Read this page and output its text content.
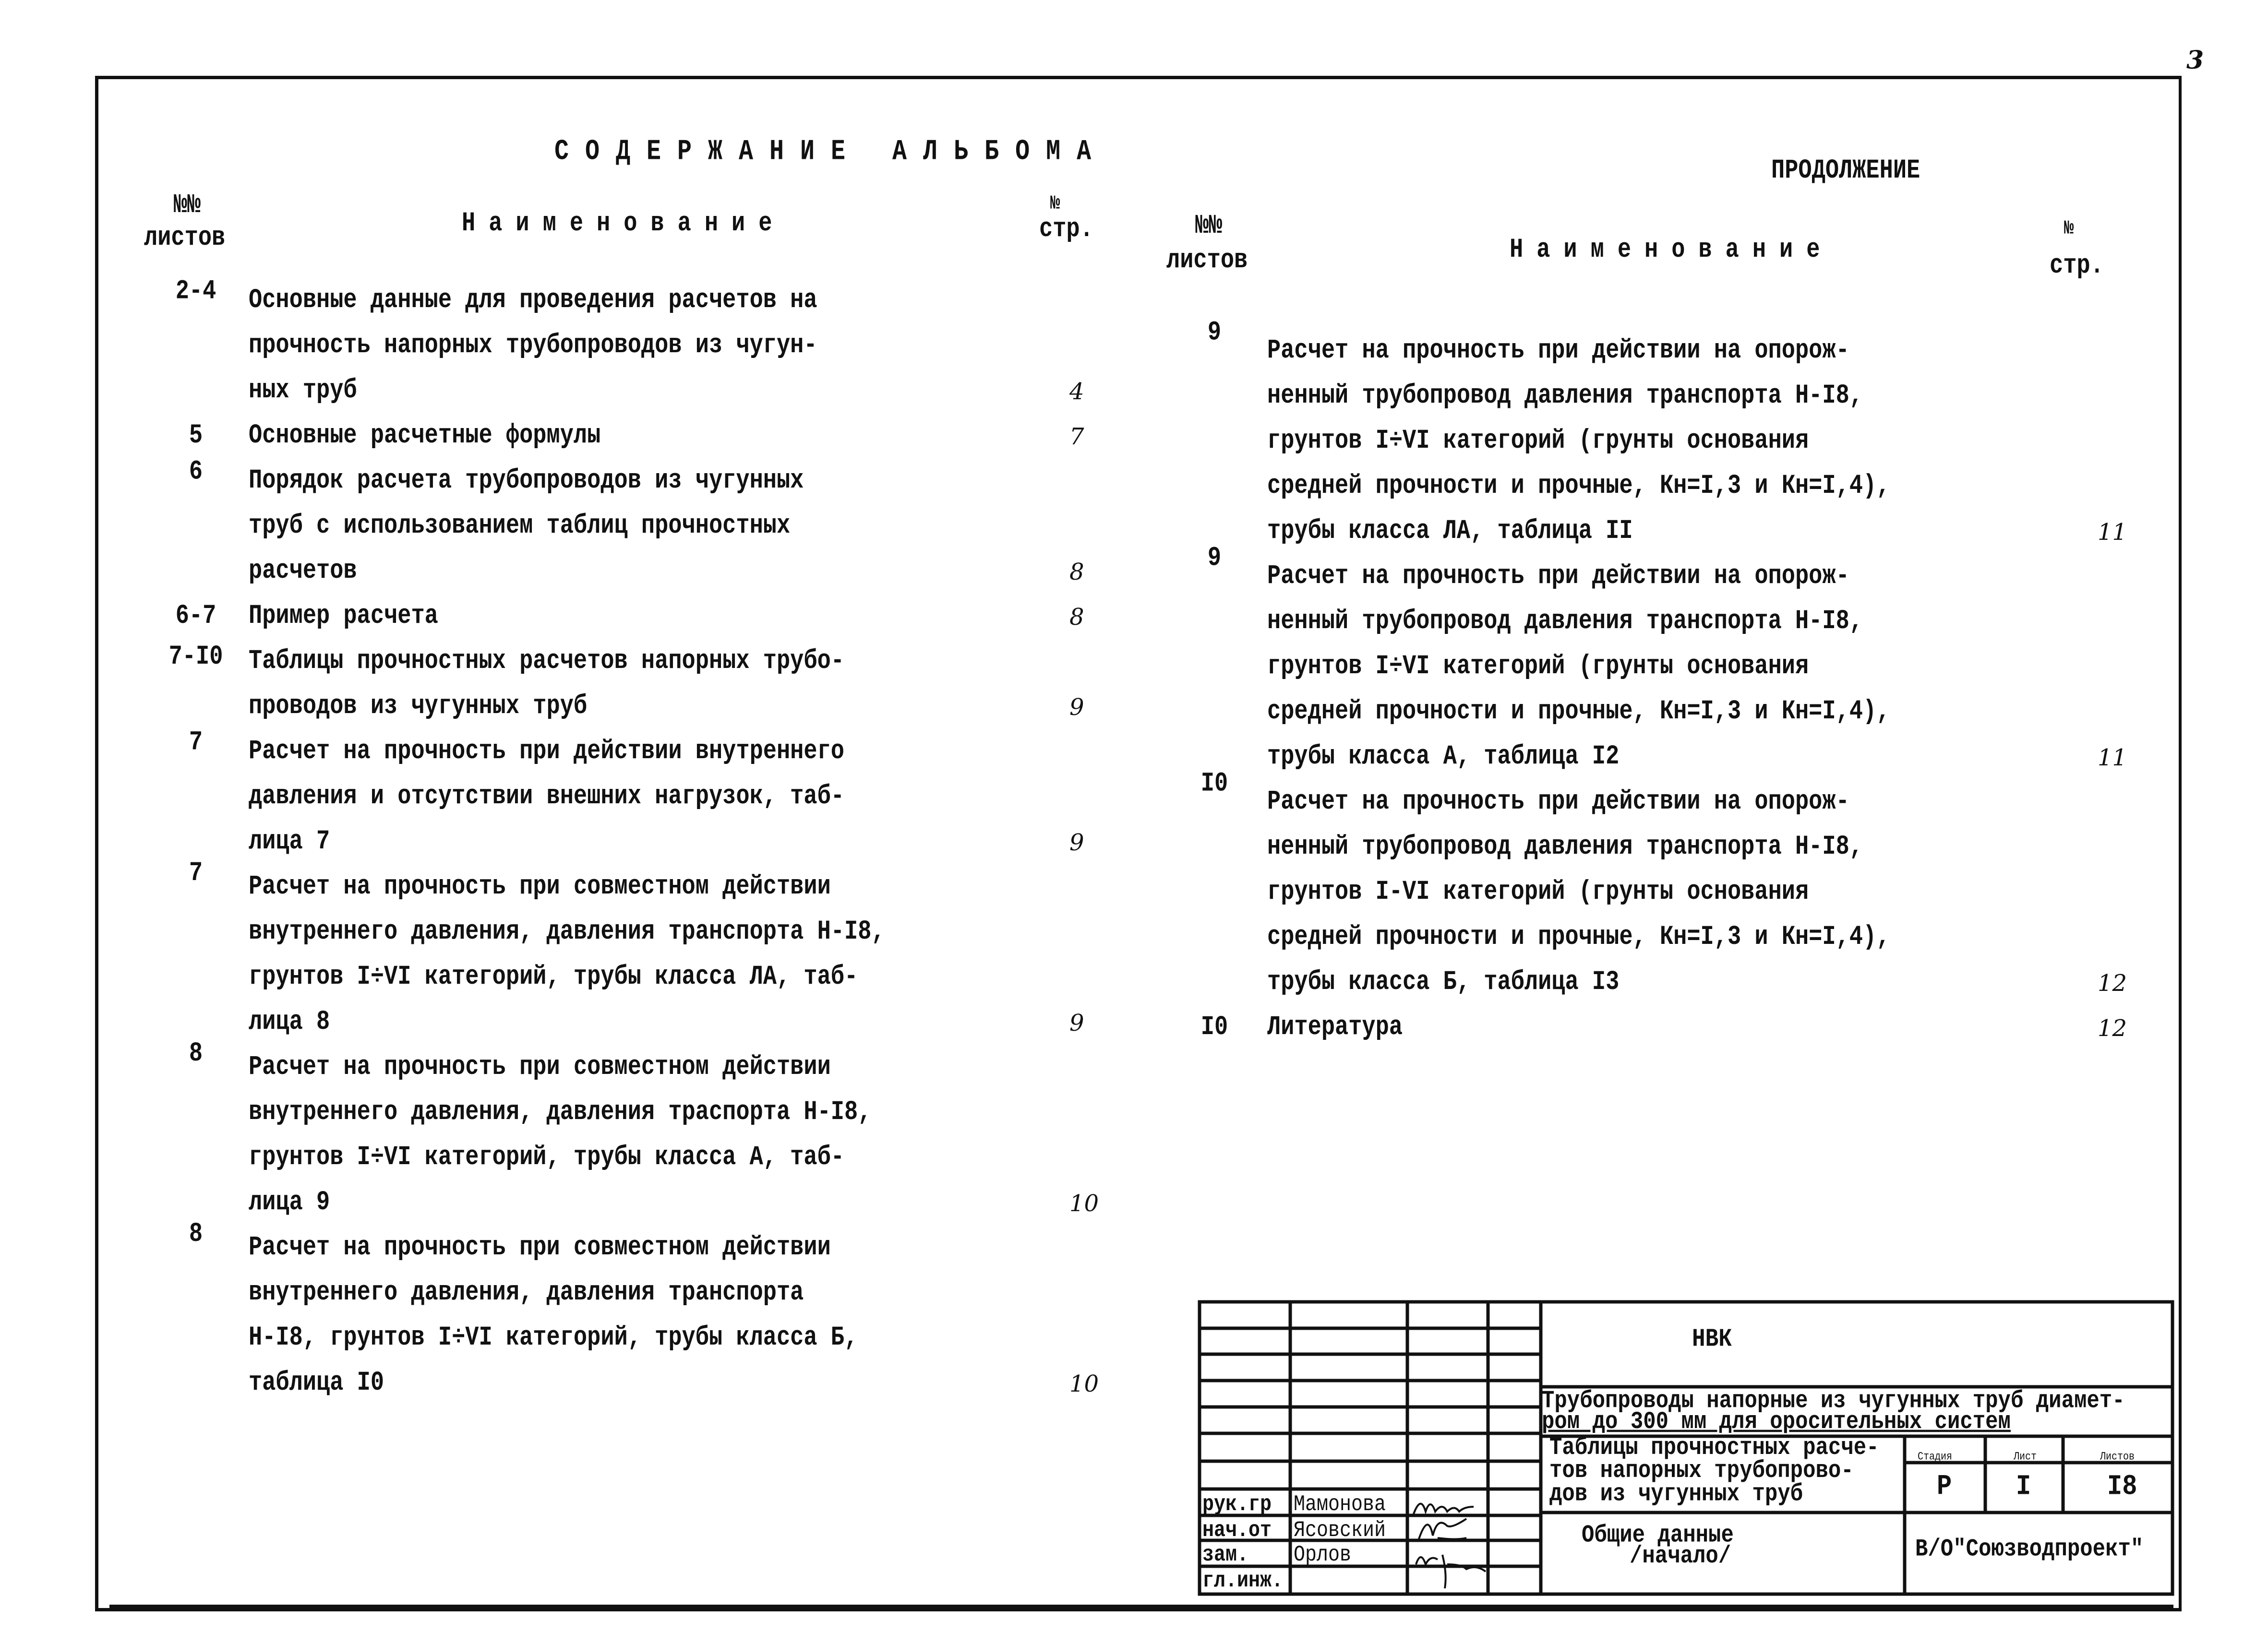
3
СОДЕРЖАНИЕ АЛЬБОМА
№№
листов	Наименование
№
стр.
2-4	Основные данные для проведения расчетов на
прочность напорных трубопроводов из чугун-
ных труб	4
5	Основные расчетные формулы	7
6	Порядок расчета трубопроводов из чугунных
труб с использованием таблиц прочностных
расчетов	8
6-7	Пример расчета	8
7-I0	Таблицы прочностных расчетов напорных трубо-
проводов из чугунных труб	9
7	Расчет на прочность при действии внутреннего
давления и отсутствии внешних нагрузок, таб-
лица 7	9
7	Расчет на прочность при совместном действии
внутреннего давления, давления транспорта Н-I8,
грунтов I÷VI категорий, трубы класса ЛА, таб-
лица 8	9
8	Расчет на прочность при совместном действии
внутреннего давления, давления траспорта Н-I8,
грунтов I÷VI категорий, трубы класса А, таб-
лица 9	10
8	Расчет на прочность при совместном действии
внутреннего давления, давления транспорта
Н-I8, грунтов I÷VI категорий, трубы класса Б,
таблица I0	10
ПРОДОЛЖЕНИЕ
№№
листов	Наименование
№
стр.
9
Расчет на прочность при действии на опорож-
ненный трубопровод давления транспорта Н-I8,
грунтов I÷VI категорий (грунты основания
средней прочности и прочные, Кн=I,3 и Кн=I,4),
трубы класса ЛА, таблица II	11
9
Расчет на прочность при действии на опорож-
ненный трубопровод давления транспорта Н-I8,
грунтов I÷VI категорий (грунты основания
средней прочности и прочные, Кн=I,3 и Кн=I,4),
трубы класса А, таблица I2	11
I0
Расчет на прочность при действии на опорож-
ненный трубопровод давления транспорта Н-I8,
грунтов I-VI категорий (грунты основания
средней прочности и прочные, Кн=I,3 и Кн=I,4),
трубы класса Б, таблица I3	12
I0	Литература	12
НВК
Трубопроводы напорные из чугунных труб диамет-
ром до 300 мм для оросительных систем
Таблицы прочностных расче-
тов напорных трубопрово-
дов из чугунных труб
Стадия	Лист	Листов
Р	I	I8
Общие данные
/начало/	В/О"Союзводпроект"
рук.гр Мамонова
нач.от Ясовский
зам. Орлов
гл.инж.
